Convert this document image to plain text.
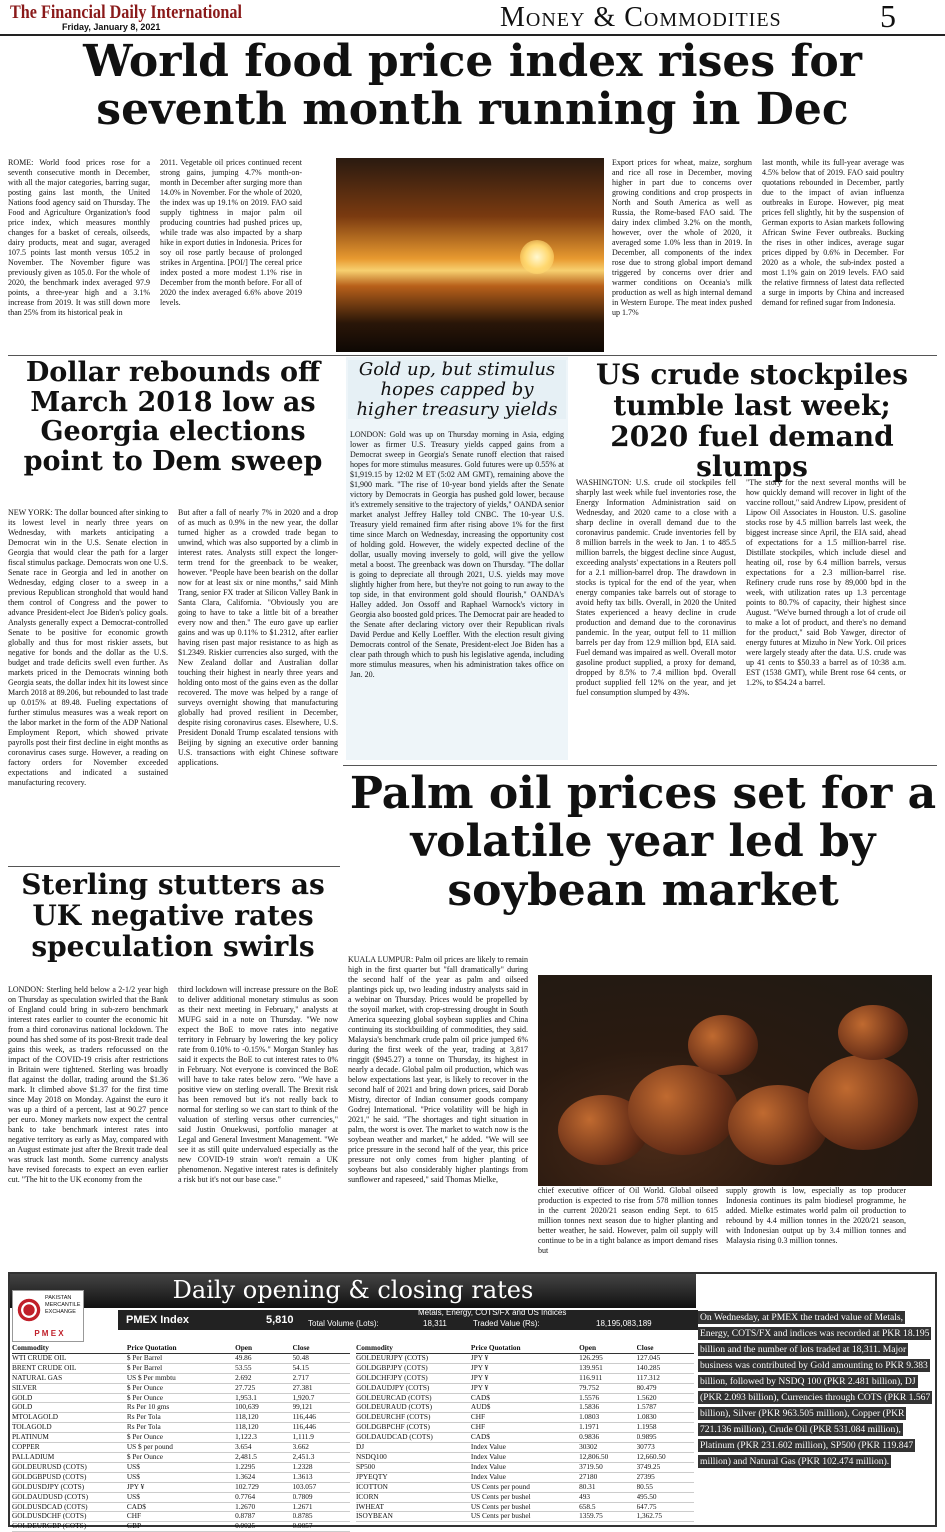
The Financial Daily International
Friday, January 8, 2021	Money & Commodities	5
World food price index rises for seventh month running in Dec
ROME: World food prices rose for a seventh consecutive month in December, with all the major categories, barring sugar, posting gains last month, the United Nations food agency said on Thursday. The Food and Agriculture Organization's food price index, which measures monthly changes for a basket of cereals, oilseeds, dairy products, meat and sugar, averaged 107.5 points last month versus 105.2 in November. The November figure was previously given as 105.0. For the whole of 2020, the benchmark index averaged 97.9 points, a three-year high and a 3.1% increase from 2019. It was still down more than 25% from its historical peak in
2011. Vegetable oil prices continued recent strong gains, jumping 4.7% month-on-month in December after surging more than 14.0% in November. For the whole of 2020, the index was up 19.1% on 2019. FAO said supply tightness in major palm oil producing countries had pushed prices up, while trade was also impacted by a sharp hike in export duties in Indonesia. Prices for soy oil rose partly because of prolonged strikes in Argentina. [POI/] The cereal price index posted a more modest 1.1% rise in December from the month before. For all of 2020 the index averaged 6.6% above 2019 levels.
Export prices for wheat, maize, sorghum and rice all rose in December, moving higher in part due to concerns over growing conditions and crop prospects in North and South America as well as Russia, the Rome-based FAO said. The dairy index climbed 3.2% on the month, however, over the whole of 2020, it averaged some 1.0% less than in 2019. In December, all components of the index rose due to strong global import demand triggered by concerns over drier and warmer conditions on Oceania's milk production as well as high internal demand in Western Europe. The meat index pushed up 1.7%
last month, while its full-year average was 4.5% below that of 2019. FAO said poultry quotations rebounded in December, partly due to the impact of avian influenza outbreaks in Europe. However, pig meat prices fell slightly, hit by the suspension of German exports to Asian markets following African Swine Fever outbreaks. Bucking the rises in other indices, average sugar prices dipped by 0.6% in December. For 2020 as a whole, the sub-index posted a most 1.1% gain on 2019 levels. FAO said the relative firmness of latest data reflected a surge in imports by China and increased demand for refined sugar from Indonesia.
Dollar rebounds off March 2018 low as Georgia elections point to Dem sweep
NEW YORK: The dollar bounced after sinking to its lowest level in nearly three years on Wednesday, with markets anticipating a Democrat win in the U.S. Senate election in Georgia that would clear the path for a larger fiscal stimulus package. Democrats won one U.S. Senate race in Georgia and led in another on Wednesday, edging closer to a sweep in a previous Republican stronghold that would hand them control of Congress and the power to advance President-elect Joe Biden's policy goals. Analysts generally expect a Democrat-controlled Senate to be positive for economic growth globally and thus for most riskier assets, but negative for bonds and the dollar as the U.S. budget and trade deficits swell even further. As markets priced in the Democrats winning both Georgia seats, the dollar index hit its lowest since March 2018 at 89.206, but rebounded to last trade up 0.015% at 89.48. Fueling expectations of further stimulus measures was a weak report on the labor market in the form of the ADP National Employment Report, which showed private payrolls post their first decline in eight months as coronavirus cases surge. However, a reading on factory orders for November exceeded expectations and indicated a sustained manufacturing recovery.
But after a fall of nearly 7% in 2020 and a drop of as much as 0.9% in the new year, the dollar turned higher as a crowded trade began to unwind, which was also supported by a climb in interest rates. Analysts still expect the longer-term trend for the greenback to be weaker, however. "People have been bearish on the dollar now for at least six or nine months," said Minh Trang, senior FX trader at Silicon Valley Bank in Santa Clara, California. "Obviously you are going to have to take a little bit of a breather every now and then." The euro gave up earlier gains and was up 0.11% to $1.2312, after earlier having risen past major resistance to as high as $1.2349. Riskier currencies also surged, with the New Zealand dollar and Australian dollar touching their highest in nearly three years and holding onto most of the gains even as the dollar recovered. The move was helped by a range of surveys overnight showing that manufacturing globally had proved resilient in December, despite rising coronavirus cases. Elsewhere, U.S. President Donald Trump escalated tensions with Beijing by signing an executive order banning U.S. transactions with eight Chinese software applications.
Gold up, but stimulus hopes capped by higher treasury yields
LONDON: Gold was up on Thursday morning in Asia, edging lower as firmer U.S. Treasury yields capped gains from a Democrat sweep in Georgia's Senate runoff election that raised hopes for more stimulus measures. Gold futures were up 0.55% at $1,919.15 by 12:02 M ET (5:02 AM GMT), remaining above the $1,900 mark. "The rise of 10-year bond yields after the Senate victory by Democrats in Georgia has pushed gold lower, because it's extremely sensitive to the trajectory of yields," OANDA senior market analyst Jeffrey Halley told CNBC. The 10-year U.S. Treasury yield remained firm after rising above 1% for the first time since March on Wednesday, increasing the opportunity cost of holding gold. However, the widely expected decline of the dollar, usually moving inversely to gold, will give the yellow metal a boost. The greenback was down on Thursday. "The dollar is going to depreciate all through 2021, U.S. yields may move slightly higher from here, but they're not going to run away to the top side, in that environment gold should flourish," OANDA's Halley added. Jon Ossoff and Raphael Warnock's victory in Georgia also boosted gold prices. The Democrat pair are headed to the Senate after declaring victory over their Republican rivals David Perdue and Kelly Loeffler. With the election result giving Democrats control of the Senate, President-elect Joe Biden has a clear path through which to push his legislative agenda, including more stimulus measures, when his administration takes office on Jan. 20.
US crude stockpiles tumble last week; 2020 fuel demand slumps
WASHINGTON: U.S. crude oil stockpiles fell sharply last week while fuel inventories rose, the Energy Information Administration said on Wednesday, and 2020 came to a close with a sharp decline in overall demand due to the coronavirus pandemic. Crude inventories fell by 8 million barrels in the week to Jan. 1 to 485.5 million barrels, the biggest decline since August, exceeding analysts' expectations in a Reuters poll for a 2.1 million-barrel drop. The drawdown in stocks is typical for the end of the year, when energy companies take barrels out of storage to avoid hefty tax bills. Overall, in 2020 the United States experienced a heavy decline in crude production and demand due to the coronavirus pandemic. In the year, output fell to 11 million barrels per day from 12.9 million bpd, EIA said. Fuel demand was impaired as well. Overall motor gasoline product supplied, a proxy for demand, dropped by 8.5% to 7.4 million bpd. Overall product supplied fell 12% on the year, and jet fuel consumption slumped by 43%.
"The story for the next several months will be how quickly demand will recover in light of the vaccine rollout," said Andrew Lipow, president of Lipow Oil Associates in Houston. U.S. gasoline stocks rose by 4.5 million barrels last week, the biggest increase since April, the EIA said, ahead of expectations for a 1.5 million-barrel rise. Distillate stockpiles, which include diesel and heating oil, rose by 6.4 million barrels, versus expectations for a 2.3 million-barrel rise. Refinery crude runs rose by 89,000 bpd in the week, with utilization rates up 1.3 percentage points to 80.7% of capacity, their highest since August. "We've burned through a lot of crude oil to make a lot of product, and there's no demand for the product," said Bob Yawger, director of energy futures at Mizuho in New York. Oil prices were largely steady after the data. U.S. crude was up 41 cents to $50.33 a barrel as of 10:38 a.m. EST (1538 GMT), while Brent rose 64 cents, or 1.2%, to $54.24 a barrel.
Palm oil prices set for a volatile year led by soybean market
KUALA LUMPUR: Palm oil prices are likely to remain high in the first quarter but "fall dramatically" during the second half of the year as palm and oilseed plantings pick up, two leading industry analysts said in a webinar on Thursday. Prices would be propelled by the soyoil market, with crop-stressing drought in South America squeezing global soybean supplies and China continuing its stockbuilding of commodities, they said. Malaysia's benchmark crude palm oil price jumped 6% during the first week of the year, trading at 3,817 ringgit ($945.27) a tonne on Thursday, its highest in nearly a decade. Global palm oil production, which was below expectations last year, is likely to recover in the second half of 2021 and bring down prices, said Dorab Mistry, director of Indian consumer goods company Godrej International. "Price volatility will be high in 2021," he said. "The shortages and tight situation in palm, the worst is over. The market to watch now is the soybean weather and market," he added. "We will see price pressure in the second half of the year, this price pressure not only comes from higher planting of soybeans but also considerably higher plantings from sunflower and rapeseed," said Thomas Mielke,
chief executive officer of Oil World. Global oilseed production is expected to rise from 578 million tonnes in the current 2020/21 season ending Sept. to 615 million tonnes next season due to higher planting and better weather, he said. However, palm oil supply will continue to be in a tight balance as import demand rises but
supply growth is low, especially as top producer Indonesia continues its palm biodiesel programme, he added. Mielke estimates world palm oil production to rebound by 4.4 million tonnes in the 2020/21 season, with Indonesian output up by 3.4 million tonnes and Malaysia rising 0.3 million tonnes.
Sterling stutters as UK negative rates speculation swirls
LONDON: Sterling held below a 2-1/2 year high on Thursday as speculation swirled that the Bank of England could bring in sub-zero benchmark interest rates earlier to counter the economic hit from a third coronavirus national lockdown. The pound has shed some of its post-Brexit trade deal gains this week, as traders refocussed on the impact of the COVID-19 crisis after restrictions in Britain were tightened. Sterling was broadly flat against the dollar, trading around the $1.36 mark. It climbed above $1.37 for the first time since May 2018 on Monday. Against the euro it was up a third of a percent, last at 90.27 pence per euro. Money markets now expect the central bank to take benchmark interest rates into negative territory as early as May, compared with an August estimate just after the Brexit trade deal was struck last month. Some currency analysts have revised forecasts to expect an even earlier cut. "The hit to the UK economy from the
third lockdown will increase pressure on the BoE to deliver additional monetary stimulus as soon as their next meeting in February," analysts at MUFG said in a note on Thursday. "We now expect the BoE to move rates into negative territory in February by lowering the key policy rate from 0.10% to -0.15%." Morgan Stanley has said it expects the BoE to cut interest rates to 0% in February. Not everyone is convinced the BoE will have to take rates below zero. "We have a positive view on sterling overall. The Brexit risk has been removed but it's not really back to normal for sterling so we can start to think of the valuation of sterling versus other currencies," said Justin Onuekwusi, portfolio manager at Legal and General Investment Management. "We see it as still quite undervalued especially as the new COVID-19 strain won't remain a UK phenomenon. Negative interest rates is definitely a risk but it's not our base case."
Daily opening & closing rates
PAKISTAN MERCANTILE EXCHANGE
P M E X
PMEX Index	5,810
Metals, Energy, COTS/FX and US Indices
Total Volume (Lots):	18,311	Traded Value (Rs):	18,195,083,189
Commodity	Price Quotation	Open	Close
WTI CRUDE OIL	$ Per Barrel	49.86	50.48
BRENT CRUDE OIL	$ Per Barrel	53.55	54.15
NATURAL GAS	US $ Per mmbtu	2.692	2.717
SILVER	$ Per Ounce	27.725	27.381
GOLD	$ Per Ounce	1,953.1	1,920.7
GOLD	Rs Per 10 gms	100,639	99,121
MTOLAGOLD	Rs Per Tola	118,120	116,446
TOLAGOLD	Rs Per Tola	118,120	116,446
PLATINUM	$ Per Ounce	1,122.3	1,111.9
COPPER	US $ per pound	3.654	3.662
PALLADIUM	$ Per Ounce	2,481.5	2,451.3
GOLDEURUSD (COTS)	US$	1.2295	1.2328
GOLDGBPUSD (COTS)	US$	1.3624	1.3613
GOLDUSDJPY (COTS)	JPY ¥	102.729	103.057
GOLDAUDUSD (COTS)	US$	0.7764	0.7809
GOLDUSDCAD (COTS)	CAD$	1.2670	1.2671
GOLDUSDCHF (COTS)	CHF	0.8787	0.8785
GOLDEURGBP (COTS)	GBP	0.9025	0.9057
Commodity	Price Quotation	Open	Close
GOLDEURJPY (COTS)	JPY ¥	126.295	127.045
GOLDGBPJPY (COTS)	JPY ¥	139.951	140.285
GOLDCHFJPY (COTS)	JPY ¥	116.911	117.312
GOLDAUDJPY (COTS)	JPY ¥	79.752	80.479
GOLDEURCAD (COTS)	CAD$	1.5576	1.5620
GOLDEURAUD (COTS)	AUD$	1.5836	1.5787
GOLDEURCHF (COTS)	CHF	1.0803	1.0830
GOLDGBPCHF (COTS)	CHF	1.1971	1.1958
GOLDAUDCAD (COTS)	CAD$	0.9836	0.9895
DJ	Index Value	30302	30773
NSDQ100	Index Value	12,806.50	12,660.50
SP500	Index Value	3719.50	3749.25
JPYEQTY	Index Value	27180	27395
ICOTTON	US Cents per pound	80.31	80.55
ICORN	US Cents per bushel	493	495.50
IWHEAT	US Cents per bushel	658.5	647.75
ISOYBEAN	US Cents per bushel	1359.75	1,362.75
On Wednesday, at PMEX the traded value of Metals, Energy, COTS/FX and indices was recorded at PKR 18.195 billion and the number of lots traded at 18,311. Major business was contributed by Gold amounting to PKR 9.383 billion, followed by NSDQ 100 (PKR 2.481 billion), DJ (PKR 2.093 billion), Currencies through COTS (PKR 1.567 billion), Silver (PKR 963.505 million), Copper (PKR 721.136 million), Crude Oil (PKR 531.084 million), Platinum (PKR 231.602 million), SP500 (PKR 119.847 million) and Natural Gas (PKR 102.474 million).
